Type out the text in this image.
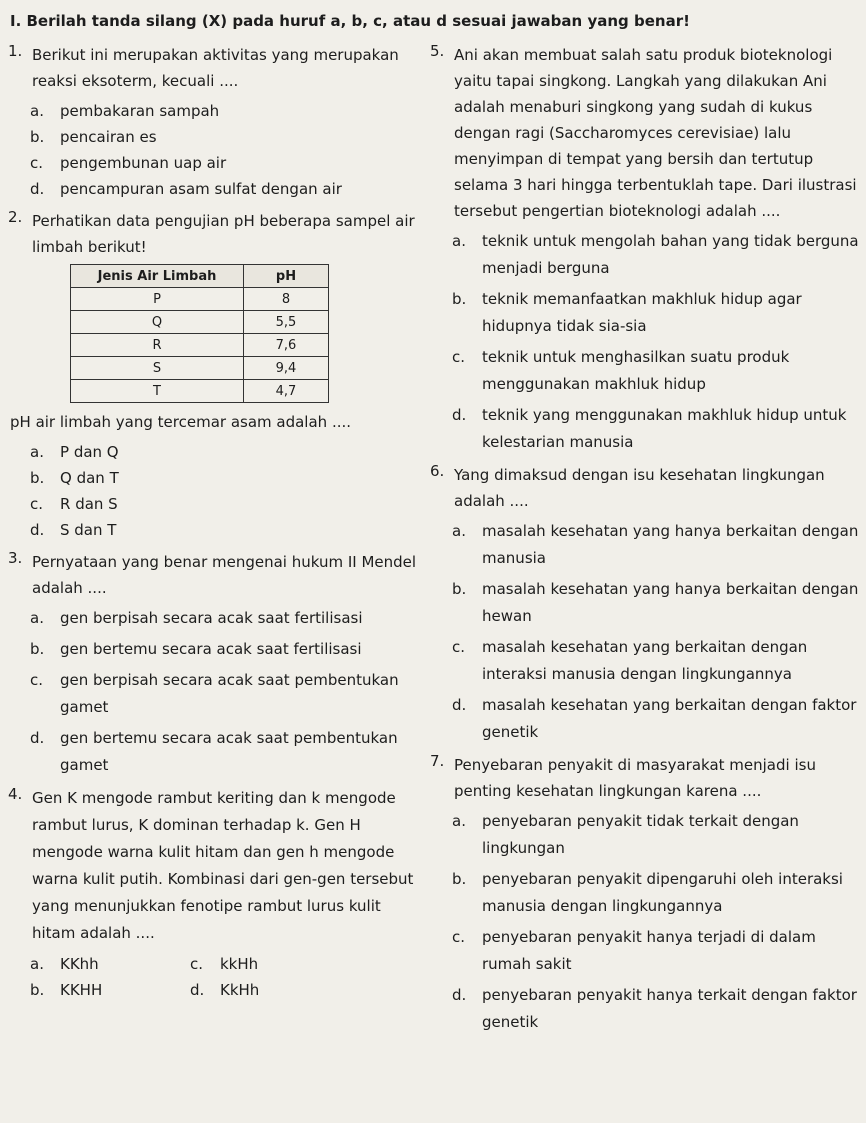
I. Berilah tanda silang (X) pada huruf a, b, c, atau d sesuai jawaban yang benar!
1. Berikut ini merupakan aktivitas yang merupakan reaksi eksoterm, kecuali ....
a.	pembakaran sampah
b.	pencairan es
c.	pengembunan uap air
d.	pencampuran asam sulfat dengan air
2. Perhatikan data pengujian pH beberapa sampel air limbah berikut!
Jenis Air Limbah	pH
P	8
Q	5,5
R	7,6
S	9,4
T	4,7
pH air limbah yang tercemar asam adalah ....
a.	P dan Q
b.	Q dan T
c.	R dan S
d.	S dan T
3. Pernyataan yang benar mengenai hukum II Mendel adalah ....
a.	gen berpisah secara acak saat fertilisasi
b.	gen bertemu secara acak saat fertilisasi
c.	gen berpisah secara acak saat pembentukan gamet
d.	gen bertemu secara acak saat pembentukan gamet
4. Gen K mengode rambut keriting dan k mengode rambut lurus, K dominan terhadap k. Gen H mengode warna kulit hitam dan gen h mengode warna kulit putih. Kombinasi dari gen-gen tersebut yang menunjukkan fenotipe rambut lurus kulit hitam adalah ....
a.	KKhh	c.	kkHh
b.	KKHH	d.	KkHh
5. Ani akan membuat salah satu produk bioteknologi yaitu tapai singkong. Langkah yang dilakukan Ani adalah menaburi singkong yang sudah di kukus dengan ragi (Saccharomyces cerevisiae) lalu menyimpan di tempat yang bersih dan tertutup selama 3 hari hingga terbentuklah tape. Dari ilustrasi tersebut pengertian bioteknologi adalah ....
a.	teknik untuk mengolah bahan yang tidak berguna menjadi berguna
b.	teknik memanfaatkan makhluk hidup agar hidupnya tidak sia-sia
c.	teknik untuk menghasilkan suatu produk menggunakan makhluk hidup
d.	teknik yang menggunakan makhluk hidup untuk kelestarian manusia
6. Yang dimaksud dengan isu kesehatan lingkungan adalah ....
a.	masalah kesehatan yang hanya berkaitan dengan manusia
b.	masalah kesehatan yang hanya berkaitan dengan hewan
c.	masalah kesehatan yang berkaitan dengan interaksi manusia dengan lingkungannya
d.	masalah kesehatan yang berkaitan dengan faktor genetik
7. Penyebaran penyakit di masyarakat menjadi isu penting kesehatan lingkungan karena ....
a.	penyebaran penyakit tidak terkait dengan lingkungan
b.	penyebaran penyakit dipengaruhi oleh interaksi manusia dengan lingkungannya
c.	penyebaran penyakit hanya terjadi di dalam rumah sakit
d.	penyebaran penyakit hanya terkait dengan faktor genetik
